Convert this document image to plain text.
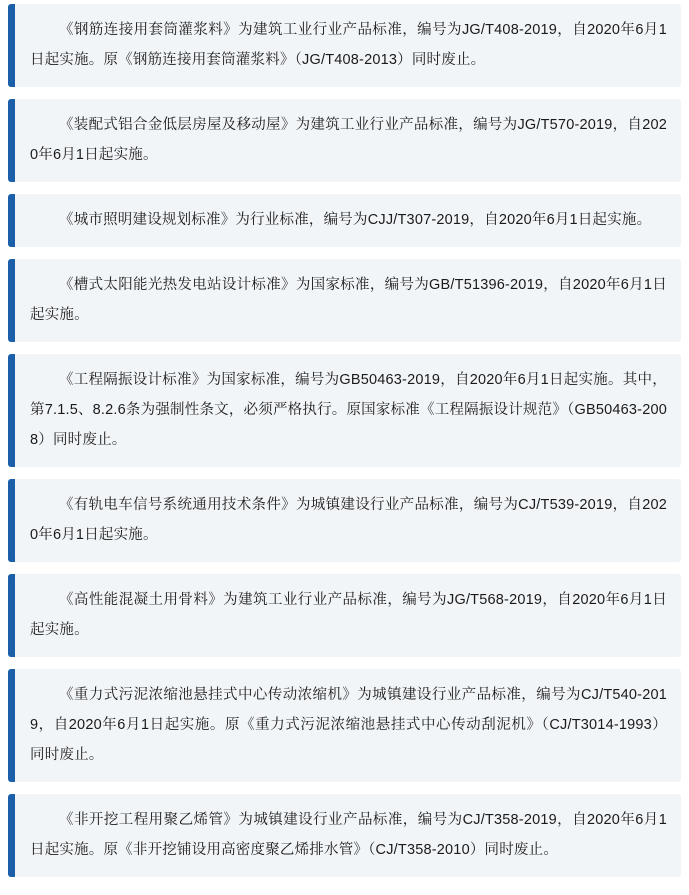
《钢筋连接用套筒灌浆料》为建筑工业行业产品标准，编号为JG/T408-2019，自2020年6月1日起实施。原《钢筋连接用套筒灌浆料》（JG/T408-2013）同时废止。
《装配式铝合金低层房屋及移动屋》为建筑工业行业产品标准，编号为JG/T570-2019，自2020年6月1日起实施。
《城市照明建设规划标准》为行业标准，编号为CJJ/T307-2019，自2020年6月1日起实施。
《槽式太阳能光热发电站设计标准》为国家标准，编号为GB/T51396-2019，自2020年6月1日起实施。
《工程隔振设计标准》为国家标准，编号为GB50463-2019，自2020年6月1日起实施。其中，第7.1.5、8.2.6条为强制性条文，必须严格执行。原国家标准《工程隔振设计规范》（GB50463-2008）同时废止。
《有轨电车信号系统通用技术条件》为城镇建设行业产品标准，编号为CJ/T539-2019，自2020年6月1日起实施。
《高性能混凝土用骨料》为建筑工业行业产品标准，编号为JG/T568-2019，自2020年6月1日起实施。
《重力式污泥浓缩池悬挂式中心传动浓缩机》为城镇建设行业产品标准，编号为CJ/T540-2019，自2020年6月1日起实施。原《重力式污泥浓缩池悬挂式中心传动刮泥机》（CJ/T3014-1993）同时废止。
《非开挖工程用聚乙烯管》为城镇建设行业产品标准，编号为CJ/T358-2019，自2020年6月1日起实施。原《非开挖铺设用高密度聚乙烯排水管》（CJ/T358-2010）同时废止。
